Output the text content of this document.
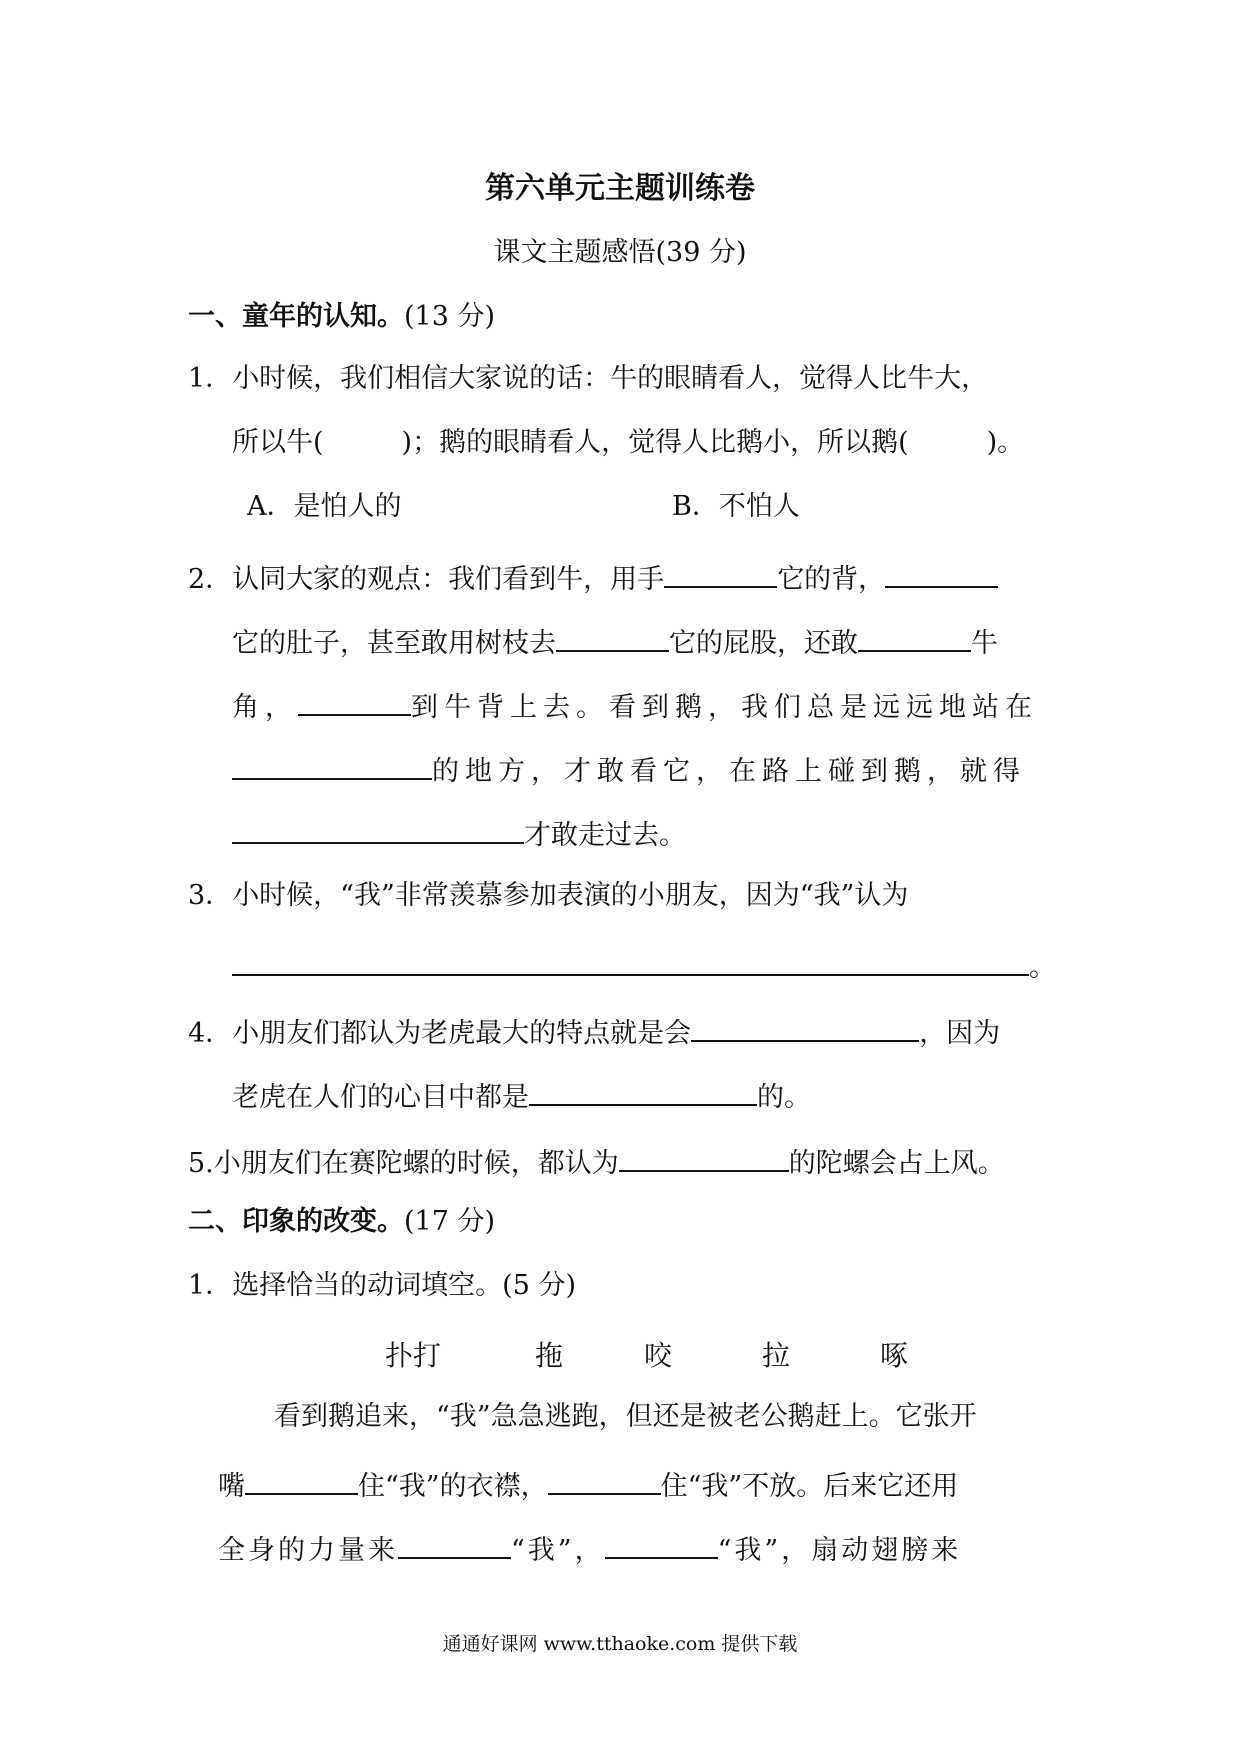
第六单元主题训练卷
课文主题感悟(39 分)
一、童年的认知。(13 分)
1．小时候，我们相信大家说的话：牛的眼睛看人，觉得人比牛大，
所以牛(	)；鹅的眼睛看人，觉得人比鹅小，所以鹅(	)。
A．是怕人的	B．不怕人
2．认同大家的观点：我们看到牛，用手	它的背，
它的肚子，甚至敢用树枝去	它的屁股，还敢	牛
角，	到牛背上去。看到鹅，我们总是远远地站在
的地方，才敢看它，在路上碰到鹅，就得
才敢走过去。
3．小时候，“我”非常羡慕参加表演的小朋友，因为“我”认为
。
4．小朋友们都认为老虎最大的特点就是会	，因为
老虎在人们的心目中都是	的。
5.小朋友们在赛陀螺的时候，都认为	的陀螺会占上风。
二、印象的改变。(17 分)
1．选择恰当的动词填空。(5 分)
扑打	拖	咬	拉	啄
看到鹅追来，“我”急急逃跑，但还是被老公鹅赶上。它张开
嘴	住“我”的衣襟，	住“我”不放。后来它还用
全身的力量来	“我”，	“我”，扇动翅膀来
通通好课网 www.tthaoke.com 提供下载
